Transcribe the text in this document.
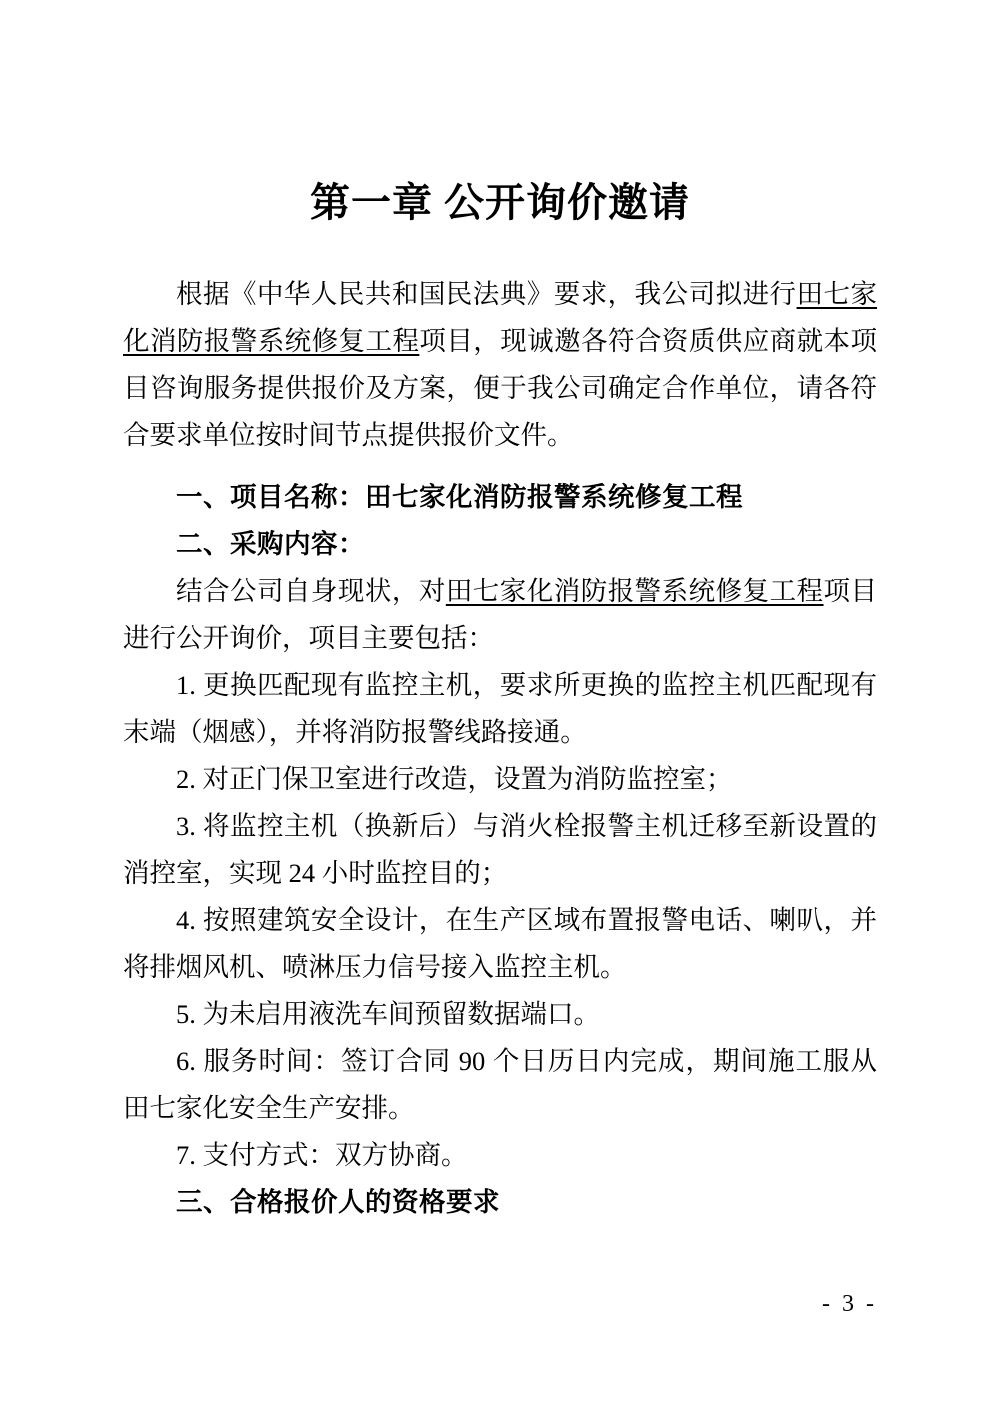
第一章 公开询价邀请
根据《中华人民共和国民法典》要求，我公司拟进行田七家
化消防报警系统修复工程项目，现诚邀各符合资质供应商就本项
目咨询服务提供报价及方案，便于我公司确定合作单位，请各符
合要求单位按时间节点提供报价文件。
一、项目名称：田七家化消防报警系统修复工程
二、采购内容：
结合公司自身现状，对田七家化消防报警系统修复工程项目
进行公开询价，项目主要包括：
1. 更换匹配现有监控主机，要求所更换的监控主机匹配现有
末端（烟感），并将消防报警线路接通。
2. 对正门保卫室进行改造，设置为消防监控室；
3. 将监控主机（换新后）与消火栓报警主机迁移至新设置的
消控室，实现 24 小时监控目的；
4. 按照建筑安全设计，在生产区域布置报警电话、喇叭，并
将排烟风机、喷淋压力信号接入监控主机。
5. 为未启用液洗车间预留数据端口。
6. 服务时间：签订合同 90 个日历日内完成，期间施工服从
田七家化安全生产安排。
7. 支付方式：双方协商。
三、合格报价人的资格要求
- 3 -
